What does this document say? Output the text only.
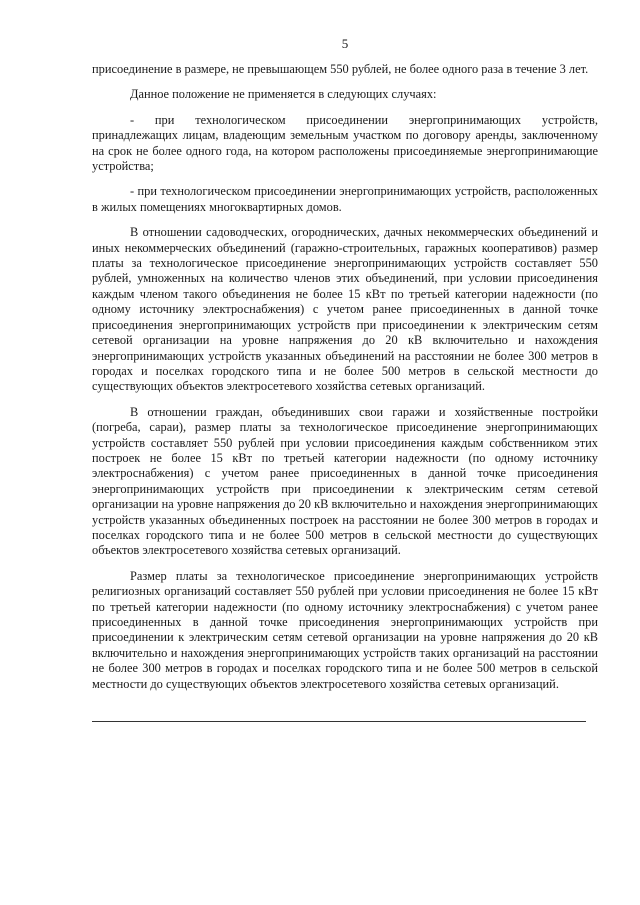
5

присоединение в размере, не превышающем 550 рублей, не более одного раза в течение 3 лет.

Данное положение не применяется в следующих случаях:

- при технологическом присоединении энергопринимающих устройств, принадлежащих лицам, владеющим земельным участком по договору аренды, заключенному на срок не более одного года, на котором расположены присоединяемые энергопринимающие устройства;

- при технологическом присоединении энергопринимающих устройств, расположенных в жилых помещениях многоквартирных домов.

В отношении садоводческих, огороднических, дачных некоммерческих объединений и иных некоммерческих объединений (гаражно-строительных, гаражных кооперативов) размер платы за технологическое присоединение энергопринимающих устройств составляет 550 рублей, умноженных на количество членов этих объединений, при условии присоединения каждым членом такого объединения не более 15 кВт по третьей категории надежности (по одному источнику электроснабжения) с учетом ранее присоединенных в данной точке присоединения энергопринимающих устройств при присоединении к электрическим сетям сетевой организации на уровне напряжения до 20 кВ включительно и нахождения энергопринимающих устройств указанных объединений на расстоянии не более 300 метров в городах и поселках городского типа и не более 500 метров в сельской местности до существующих объектов электросетевого хозяйства сетевых организаций.

В отношении граждан, объединивших свои гаражи и хозяйственные постройки (погреба, сараи), размер платы за технологическое присоединение энергопринимающих устройств составляет 550 рублей при условии присоединения каждым собственником этих построек не более 15 кВт по третьей категории надежности (по одному источнику электроснабжения) с учетом ранее присоединенных в данной точке присоединения энергопринимающих устройств при присоединении к электрическим сетям сетевой организации на уровне напряжения до 20 кВ включительно и нахождения энергопринимающих устройств указанных объединенных построек на расстоянии не более 300 метров в городах и поселках городского типа и не более 500 метров в сельской местности до существующих объектов электросетевого хозяйства сетевых организаций.

Размер платы за технологическое присоединение энергопринимающих устройств религиозных организаций составляет 550 рублей при условии присоединения не более 15 кВт по третьей категории надежности (по одному источнику электроснабжения) с учетом ранее присоединенных в данной точке присоединения энергопринимающих устройств при присоединении к электрическим сетям сетевой организации на уровне напряжения до 20 кВ включительно и нахождения энергопринимающих устройств таких организаций на расстоянии не более 300 метров в городах и поселках городского типа и не более 500 метров в сельской местности до существующих объектов электросетевого хозяйства сетевых организаций.
